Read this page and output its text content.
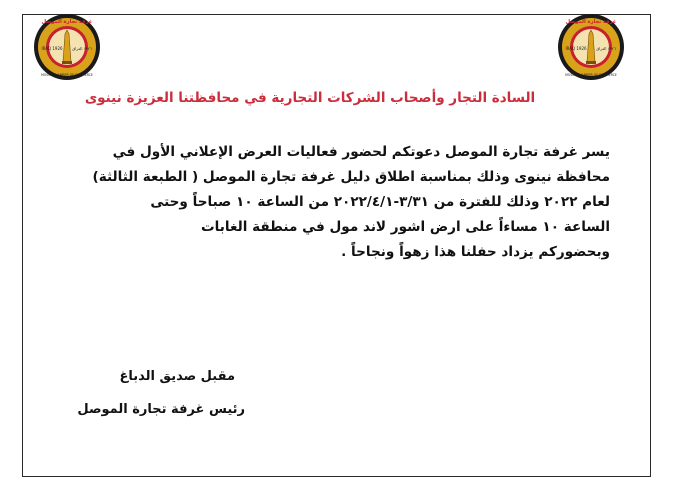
غرفة تجارة الموصل
IRAQ 1926	١٩٢٦ العراق
MOSUL CHAMBER OF COMMERCE
غرفة تجارة الموصل
IRAQ 1926	١٩٢٦ العراق
MOSUL CHAMBER OF COMMERCE
السادة التجار وأصحاب الشركات التجارية في محافظتنا العزيزة نينوى

يسر غرفة تجارة الموصل دعوتكم لحضور فعاليات العرض الإعلاني الأول في

محافظة نينوى وذلك بمناسبة اطلاق دليل غرفة تجارة الموصل ( الطبعة الثالثة)

لعام ٢٠٢٢ وذلك للفترة من ٣/٣١-٢٠٢٢/٤/١ من الساعة ١٠ صباحاً وحتى

الساعة ١٠ مساءاً على ارض اشور لاند مول في منطقة الغابات

وبحضوركم يزداد حفلنا هذا زهواً ونجاحاً .

مقبل صديق الدباغ
رئيس غرفة تجارة الموصل
